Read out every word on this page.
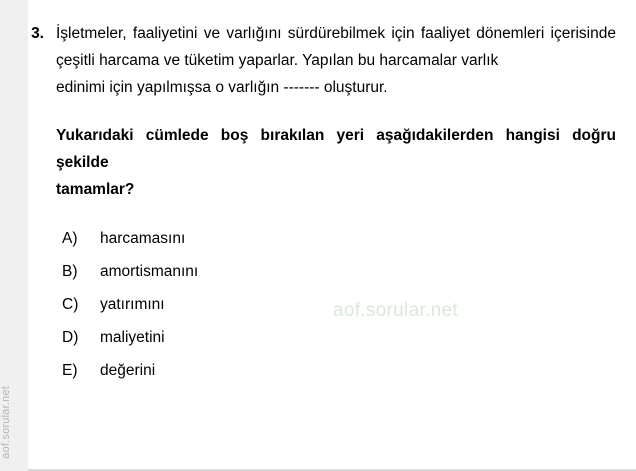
aof.sorular.net
3. İşletmeler, faaliyetini ve varlığını sürdürebilmek için faaliyet dönemleri içerisinde çeşitli harcama ve tüketim yaparlar. Yapılan bu harcamalar varlık
edinimi için yapılmışsa o varlığın ------- oluşturur.

Yukarıdaki cümlede boş bırakılan yeri aşağıdakilerden hangisi doğru şekilde
tamamlar?

A)	harcamasını
B)	amortismanını
C)	yatırımını
D)	maliyetini
E)	değerini
aof.sorular.net
